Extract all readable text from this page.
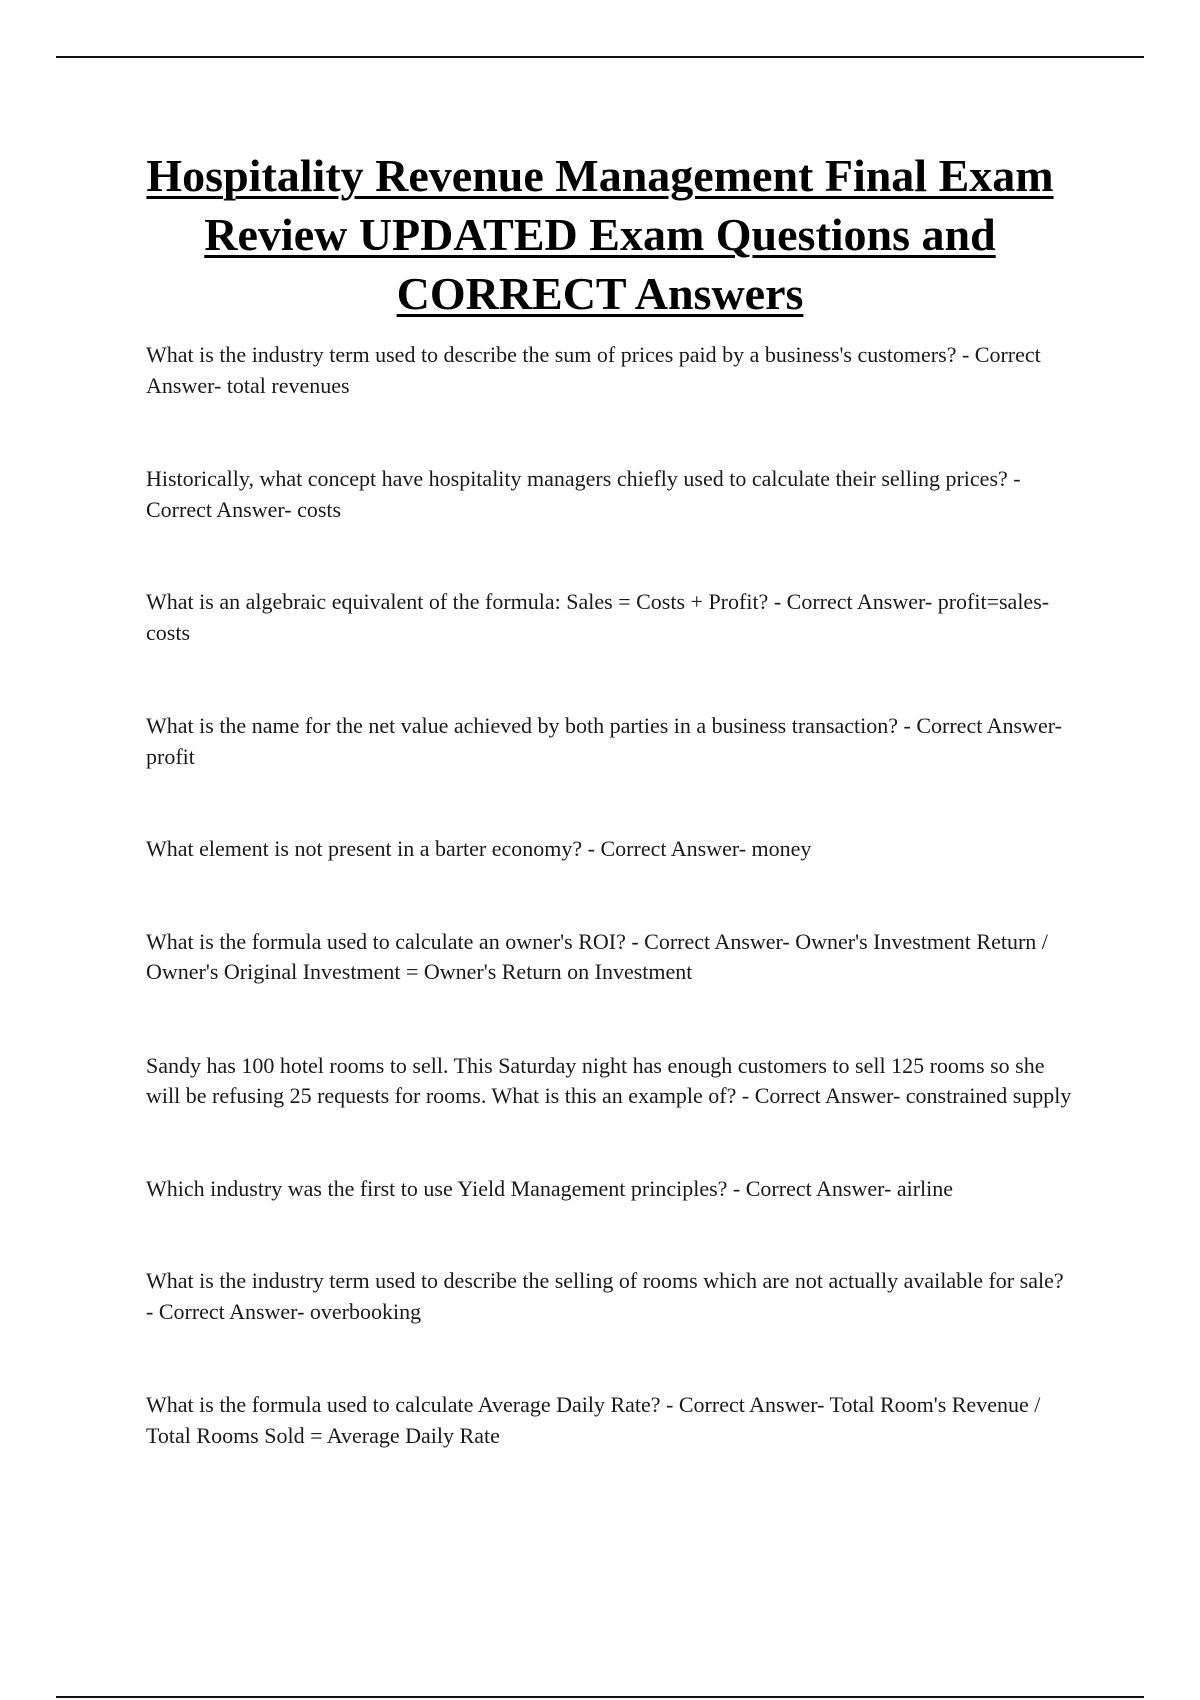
Hospitality Revenue Management Final Exam Review UPDATED Exam Questions and CORRECT Answers
What is the industry term used to describe the sum of prices paid by a business's customers? - Correct Answer- total revenues
Historically, what concept have hospitality managers chiefly used to calculate their selling prices? - Correct Answer- costs
What is an algebraic equivalent of the formula: Sales = Costs + Profit? - Correct Answer- profit=sales-costs
What is the name for the net value achieved by both parties in a business transaction? - Correct Answer- profit
What element is not present in a barter economy? - Correct Answer- money
What is the formula used to calculate an owner's ROI? - Correct Answer- Owner's Investment Return / Owner's Original Investment = Owner's Return on Investment
Sandy has 100 hotel rooms to sell. This Saturday night has enough customers to sell 125 rooms so she will be refusing 25 requests for rooms. What is this an example of? - Correct Answer- constrained supply
Which industry was the first to use Yield Management principles? - Correct Answer- airline
What is the industry term used to describe the selling of rooms which are not actually available for sale? - Correct Answer- overbooking
What is the formula used to calculate Average Daily Rate? - Correct Answer- Total Room's Revenue / Total Rooms Sold = Average Daily Rate
